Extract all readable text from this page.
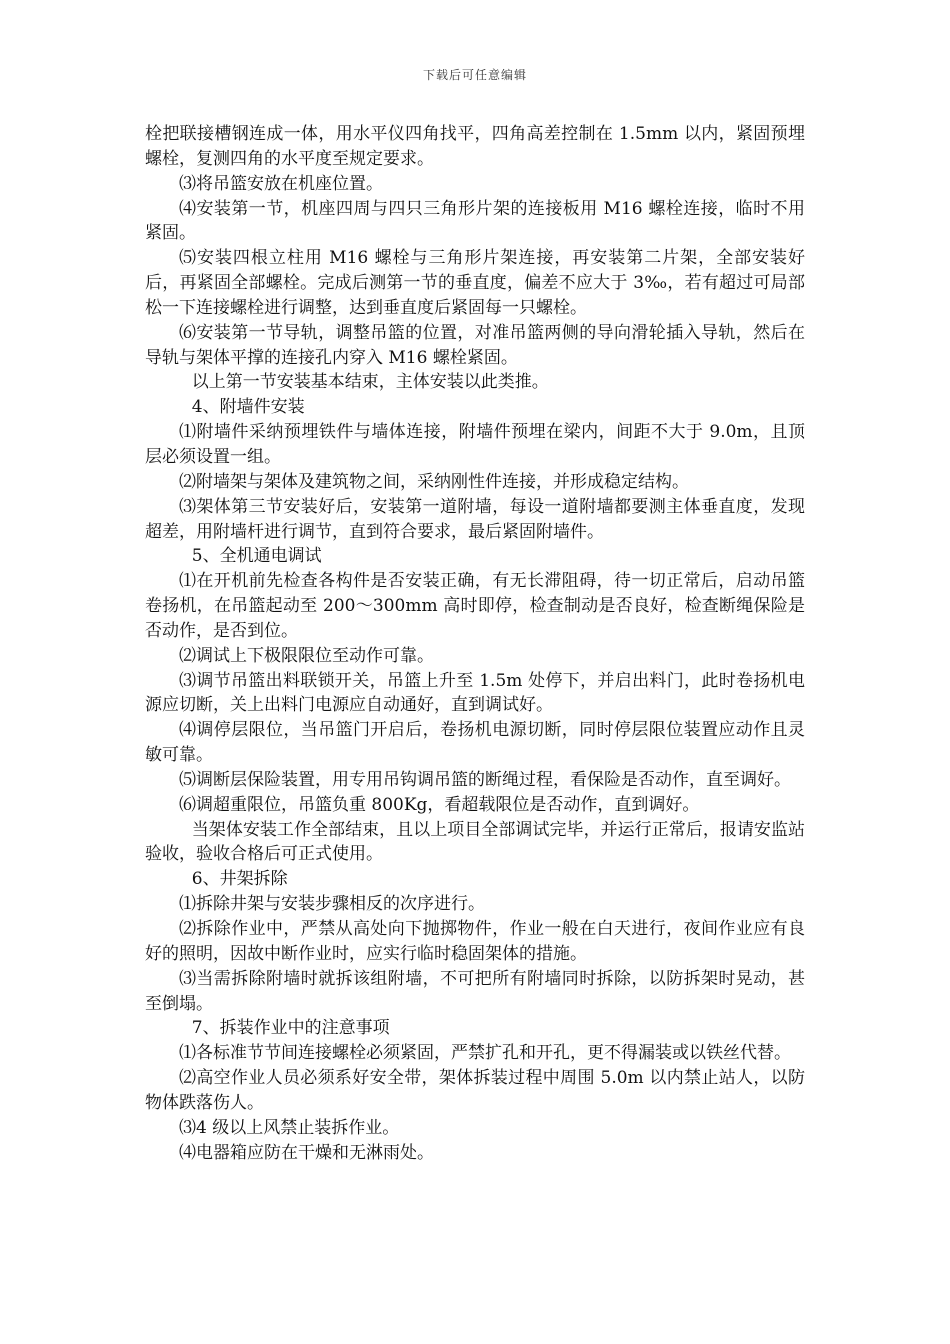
下载后可任意编辑

栓把联接槽钢连成一体，用水平仪四角找平，四角高差控制在 1.5mm 以内，紧固预埋螺栓，复测四角的水平度至规定要求。

⑶将吊篮安放在机座位置。

⑷安装第一节，机座四周与四只三角形片架的连接板用 M16 螺栓连接，临时不用紧固。

⑸安装四根立柱用 M16 螺栓与三角形片架连接，再安装第二片架，全部安装好后，再紧固全部螺栓。完成后测第一节的垂直度，偏差不应大于 3‰，若有超过可局部松一下连接螺栓进行调整，达到垂直度后紧固每一只螺栓。

⑹安装第一节导轨，调整吊篮的位置，对准吊篮两侧的导向滑轮插入导轨，然后在导轨与架体平撑的连接孔内穿入 M16 螺栓紧固。

以上第一节安装基本结束，主体安装以此类推。

4、附墙件安装

⑴附墙件采纳预埋铁件与墙体连接，附墙件预埋在梁内，间距不大于 9.0m，且顶层必须设置一组。

⑵附墙架与架体及建筑物之间，采纳刚性件连接，并形成稳定结构。

⑶架体第三节安装好后，安装第一道附墙，每设一道附墙都要测主体垂直度，发现超差，用附墙杆进行调节，直到符合要求，最后紧固附墙件。

5、全机通电调试

⑴在开机前先检查各构件是否安装正确，有无长滞阻碍，待一切正常后，启动吊篮卷扬机，在吊篮起动至 200～300mm 高时即停，检查制动是否良好，检查断绳保险是否动作，是否到位。

⑵调试上下极限限位至动作可靠。

⑶调节吊篮出料联锁开关，吊篮上升至 1.5m 处停下，并启出料门，此时卷扬机电源应切断，关上出料门电源应自动通好，直到调试好。

⑷调停层限位，当吊篮门开启后，卷扬机电源切断，同时停层限位装置应动作且灵敏可靠。

⑸调断层保险装置，用专用吊钩调吊篮的断绳过程，看保险是否动作，直至调好。

⑹调超重限位，吊篮负重 800Kg，看超载限位是否动作，直到调好。

当架体安装工作全部结束，且以上项目全部调试完毕，并运行正常后，报请安监站验收，验收合格后可正式使用。

6、井架拆除

⑴拆除井架与安装步骤相反的次序进行。

⑵拆除作业中，严禁从高处向下抛掷物件，作业一般在白天进行，夜间作业应有良好的照明，因故中断作业时，应实行临时稳固架体的措施。

⑶当需拆除附墙时就拆该组附墙，不可把所有附墙同时拆除，以防拆架时晃动，甚至倒塌。

7、拆装作业中的注意事项

⑴各标准节节间连接螺栓必须紧固，严禁扩孔和开孔，更不得漏装或以铁丝代替。

⑵高空作业人员必须系好安全带，架体拆装过程中周围 5.0m 以内禁止站人，以防物体跌落伤人。

⑶4 级以上风禁止装拆作业。

⑷电器箱应防在干燥和无淋雨处。
